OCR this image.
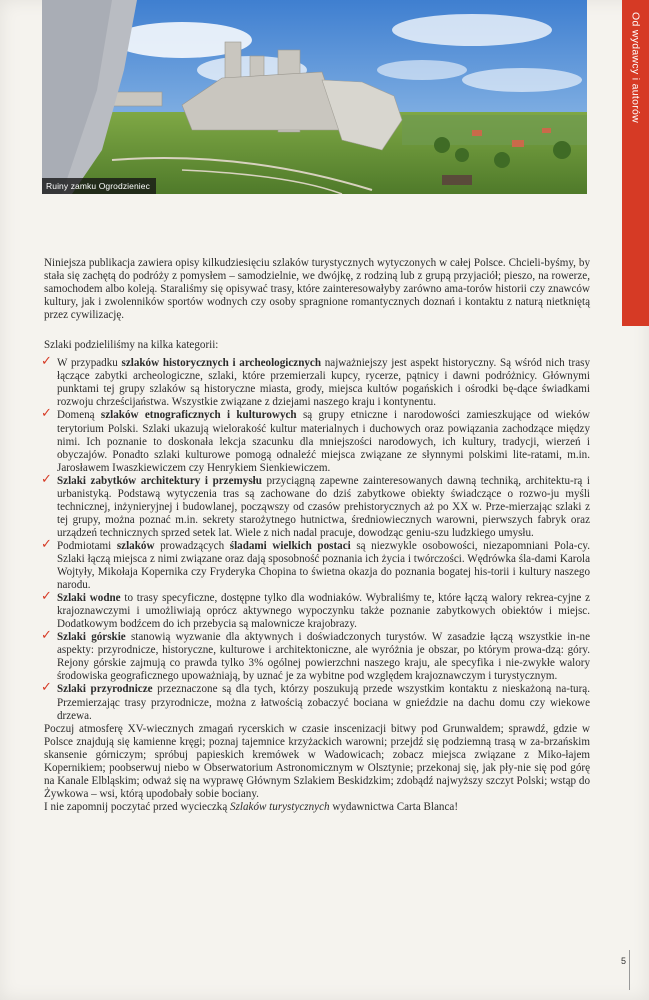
Ruiny zamku Ogrodzieniec
Od wydawcy i autorów

Niniejsza publikacja zawiera opisy kilkudziesięciu szlaków turystycznych wytyczonych w całej Polsce. Chcieli-byśmy, by stała się zachętą do podróży z pomysłem – samodzielnie, we dwójkę, z rodziną lub z grupą przyjaciół; pieszo, na rowerze, samochodem albo koleją. Staraliśmy się opisywać trasy, które zainteresowałyby zarówno ama-torów historii czy znawców kultury, jak i zwolenników sportów wodnych czy osoby spragnione romantycznych doznań i kontaktu z naturą nietkniętą przez cywilizację.

Szlaki podzieliliśmy na kilka kategorii:

✓ W przypadku szlaków historycznych i archeologicznych najważniejszy jest aspekt historyczny. Są wśród nich trasy łączące zabytki archeologiczne, szlaki, które przemierzali kupcy, rycerze, pątnicy i dawni podróżnicy. Głównymi punktami tej grupy szlaków są historyczne miasta, grody, miejsca kultów pogańskich i ośrodki bę-dące świadkami rozwoju chrześcijaństwa. Wszystkie związane z dziejami naszego kraju i kontynentu.

✓ Domeną szlaków etnograficznych i kulturowych są grupy etniczne i narodowości zamieszkujące od wieków terytorium Polski. Szlaki ukazują wielorakość kultur materialnych i duchowych oraz powiązania zachodzące między nimi. Ich poznanie to doskonała lekcja szacunku dla mniejszości narodowych, ich kultury, tradycji, wierzeń i obyczajów. Ponadto szlaki kulturowe pomogą odnaleźć miejsca związane ze słynnymi polskimi lite-ratami, m.in. Jarosławem Iwaszkiewiczem czy Henrykiem Sienkiewiczem.

✓ Szlaki zabytków architektury i przemysłu przyciągną zapewne zainteresowanych dawną techniką, architektu-rą i urbanistyką. Podstawą wytyczenia tras są zachowane do dziś zabytkowe obiekty świadczące o rozwo-ju myśli technicznej, inżynieryjnej i budowlanej, począwszy od czasów prehistorycznych aż po XX w. Prze-mierzając szlaki z tej grupy, można poznać m.in. sekrety starożytnego hutnictwa, średniowiecznych warowni, pierwszych fabryk oraz urządzeń technicznych sprzed setek lat. Wiele z nich nadal pracuje, dowodząc geniu-szu ludzkiego umysłu.

✓ Podmiotami szlaków prowadzących śladami wielkich postaci są niezwykle osobowości, niezapomniani Pola-cy. Szlaki łączą miejsca z nimi związane oraz dają sposobność poznania ich życia i twórczości. Wędrówka śla-dami Karola Wojtyły, Mikołaja Kopernika czy Fryderyka Chopina to świetna okazja do poznania bogatej his-torii i kultury naszego narodu.

✓ Szlaki wodne to trasy specyficzne, dostępne tylko dla wodniaków. Wybraliśmy te, które łączą walory rekrea-cyjne z krajoznawczymi i umożliwiają oprócz aktywnego wypoczynku także poznanie zabytkowych obiektów i miejsc. Dodatkowym bodźcem do ich przebycia są malownicze krajobrazy.

✓ Szlaki górskie stanowią wyzwanie dla aktywnych i doświadczonych turystów. W zasadzie łączą wszystkie in-ne aspekty: przyrodnicze, historyczne, kulturowe i architektoniczne, ale wyróżnia je obszar, po którym prowa-dzą: góry. Rejony górskie zajmują co prawda tylko 3% ogólnej powierzchni naszego kraju, ale specyfika i nie-zwykłe walory środowiska geograficznego upoważniają, by uznać je za wybitne pod względem krajoznawczym i turystycznym.

✓ Szlaki przyrodnicze przeznaczone są dla tych, którzy poszukują przede wszystkim kontaktu z nieskażoną na-turą. Przemierzając trasy przyrodnicze, można z łatwością zobaczyć bociana w gnieździe na dachu domu czy wiekowe drzewa.

Poczuj atmosferę XV-wiecznych zmagań rycerskich w czasie inscenizacji bitwy pod Grunwaldem; sprawdź, gdzie w Polsce znajdują się kamienne kręgi; poznaj tajemnice krzyżackich warowni; przejdź się podziemną trasą w za-brzańskim skansenie górniczym; spróbuj papieskich kremówek w Wadowicach; zobacz miejsca związane z Miko-łajem Kopernikiem; poobserwuj niebo w Obserwatorium Astronomicznym w Olsztynie; przekonaj się, jak pły-nie się pod górę na Kanale Elbląskim; odważ się na wyprawę Głównym Szlakiem Beskidzkim; zdobądź najwyższy szczyt Polski; wstąp do Żywkowa – wsi, którą upodobały sobie bociany.

I nie zapomnij poczytać przed wycieczką Szlaków turystycznych wydawnictwa Carta Blanca!

5
